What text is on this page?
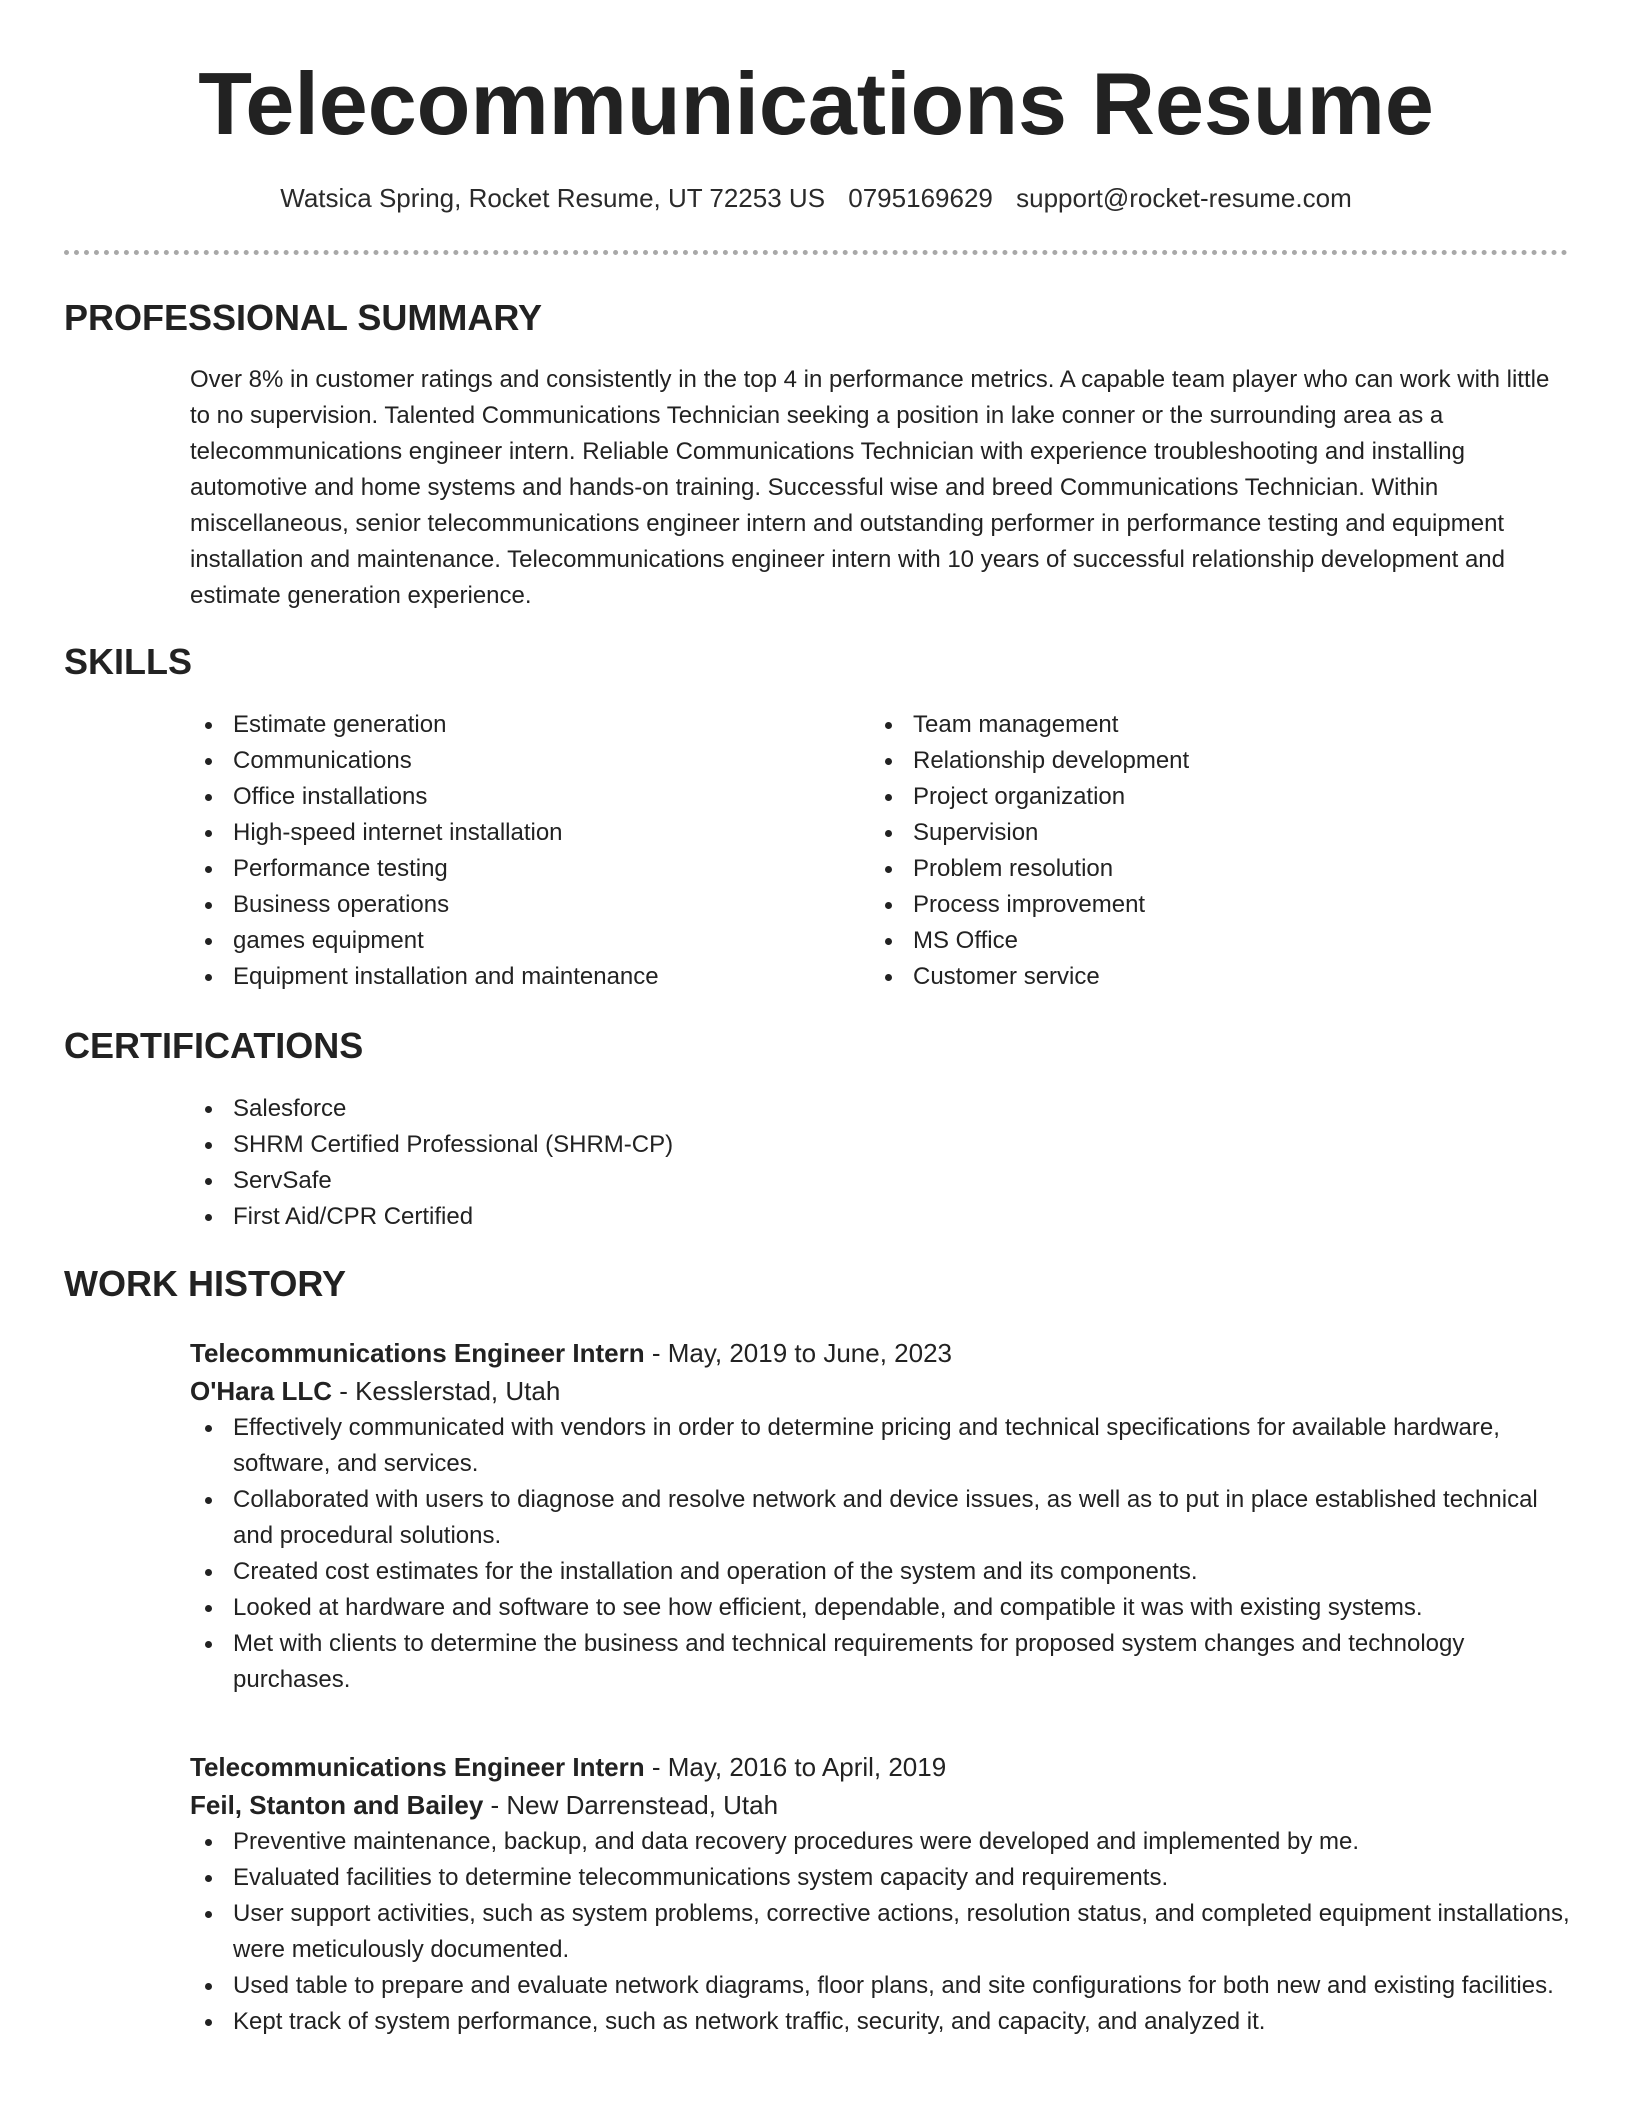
Telecommunications Resume
Watsica Spring, Rocket Resume, UT 72253 US 0795169629 support@rocket-resume.com
PROFESSIONAL SUMMARY

Over 8% in customer ratings and consistently in the top 4 in performance metrics. A capable team player who can work with little to no supervision. Talented Communications Technician seeking a position in lake conner or the surrounding area as a telecommunications engineer intern. Reliable Communications Technician with experience troubleshooting and installing automotive and home systems and hands-on training. Successful wise and breed Communications Technician. Within miscellaneous, senior telecommunications engineer intern and outstanding performer in performance testing and equipment installation and maintenance. Telecommunications engineer intern with 10 years of successful relationship development and estimate generation experience.

SKILLS
Estimate generation
Communications
Office installations
High-speed internet installation
Performance testing
Business operations
games equipment
Equipment installation and maintenance
Team management
Relationship development
Project organization
Supervision
Problem resolution
Process improvement
MS Office
Customer service
CERTIFICATIONS
Salesforce
SHRM Certified Professional (SHRM-CP)
ServSafe
First Aid/CPR Certified
WORK HISTORY

Telecommunications Engineer Intern - May, 2019 to June, 2023

O'Hara LLC - Kesslerstad, Utah

Effectively communicated with vendors in order to determine pricing and technical specifications for available hardware, software, and services.
Collaborated with users to diagnose and resolve network and device issues, as well as to put in place established technical and procedural solutions.
Created cost estimates for the installation and operation of the system and its components.
Looked at hardware and software to see how efficient, dependable, and compatible it was with existing systems.
Met with clients to determine the business and technical requirements for proposed system changes and technology purchases.

Telecommunications Engineer Intern - May, 2016 to April, 2019

Feil, Stanton and Bailey - New Darrenstead, Utah

Preventive maintenance, backup, and data recovery procedures were developed and implemented by me.
Evaluated facilities to determine telecommunications system capacity and requirements.
User support activities, such as system problems, corrective actions, resolution status, and completed equipment installations, were meticulously documented.
Used table to prepare and evaluate network diagrams, floor plans, and site configurations for both new and existing facilities.
Kept track of system performance, such as network traffic, security, and capacity, and analyzed it.
